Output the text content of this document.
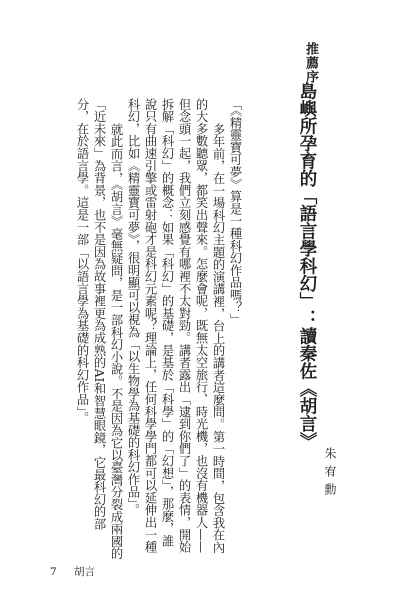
推薦序
島嶼所孕育的「語言學科幻」：讀秦佐《胡言》
朱宥勳
「《精靈寶可夢》算是一種科幻作品嗎？」
多年前，在一場科幻主題的演講裡，台上的講者這麼問。第一時間，包含我在內
的大多數聽眾，都笑出聲來。怎麼會呢，既無太空旅行、時光機，也沒有機器人——
但念頭一起，我們立刻感覺有哪裡不太對勁。講者露出「逮到你們了」的表情，開始
拆解「科幻」的概念：如果「科幻」的基礎，是基於「科學」的「幻想」，那麼，誰
說只有曲速引擎或雷射砲才是科幻元素呢？理論上，任何科學學門都可以延伸出一種
科幻，比如《精靈寶可夢》，很明顯可以視為「以生物學為基礎的科幻作品」。
就此而言，《胡言》毫無疑問，是一部科幻小說。不是因為它以臺灣分裂成兩國的
「近未來」為背景，也不是因為故事裡更為成熟的AI和智慧眼鏡，它最科幻的部
分，在於語言學。這是一部「以語言學為基礎的科幻作品」。
7 胡言
